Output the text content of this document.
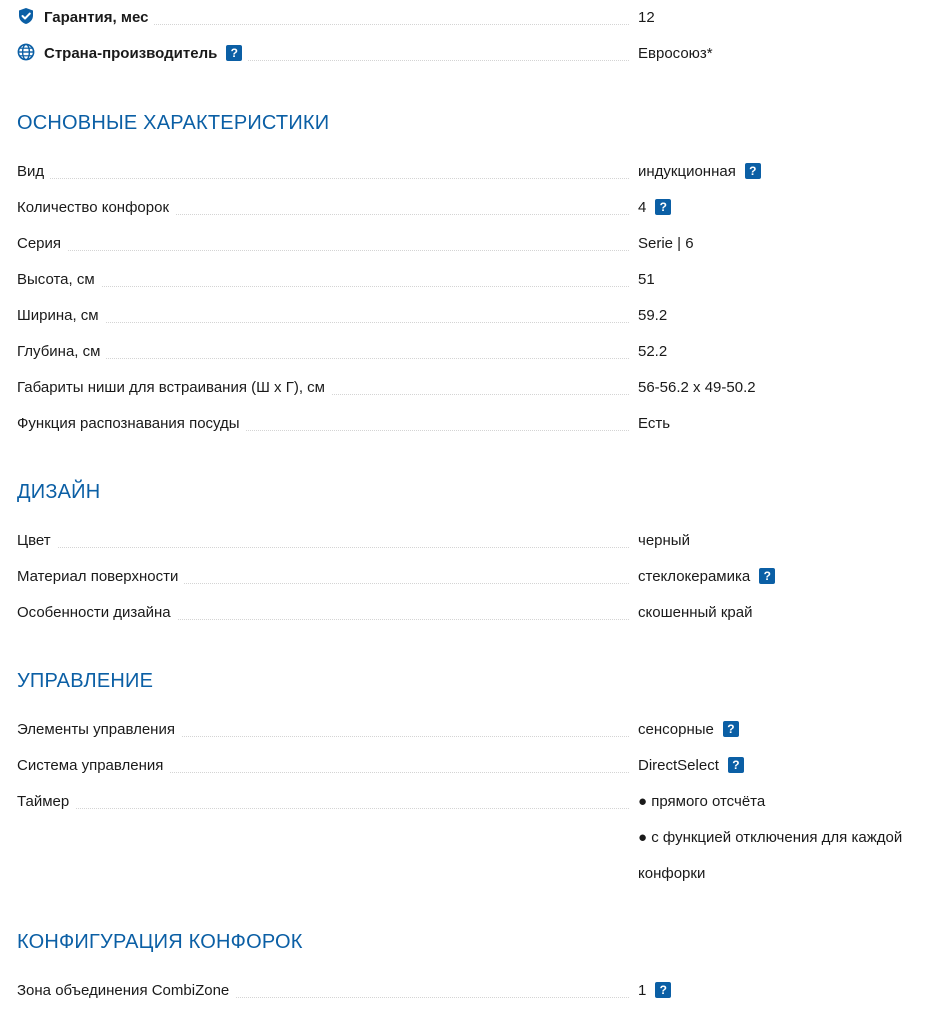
Гарантия, мес	12
Страна-производитель ?	Евросоюз*
ОСНОВНЫЕ ХАРАКТЕРИСТИКИ
Вид	индукционная ?
Количество конфорок	4 ?
Серия	Serie | 6
Высота, см	51
Ширина, см	59.2
Глубина, см	52.2
Габариты ниши для встраивания (Ш х Г), см	56-56.2 x 49-50.2
Функция распознавания посуды	Есть
ДИЗАЙН
Цвет	черный
Материал поверхности	стеклокерамика ?
Особенности дизайна	скошенный край
УПРАВЛЕНИЕ
Элементы управления	сенсорные ?
Система управления	DirectSelect ?
Таймер	● прямого отсчёта
● с функцией отключения для каждой
конфорки
КОНФИГУРАЦИЯ КОНФОРОК
Зона объединения CombiZone	1 ?
